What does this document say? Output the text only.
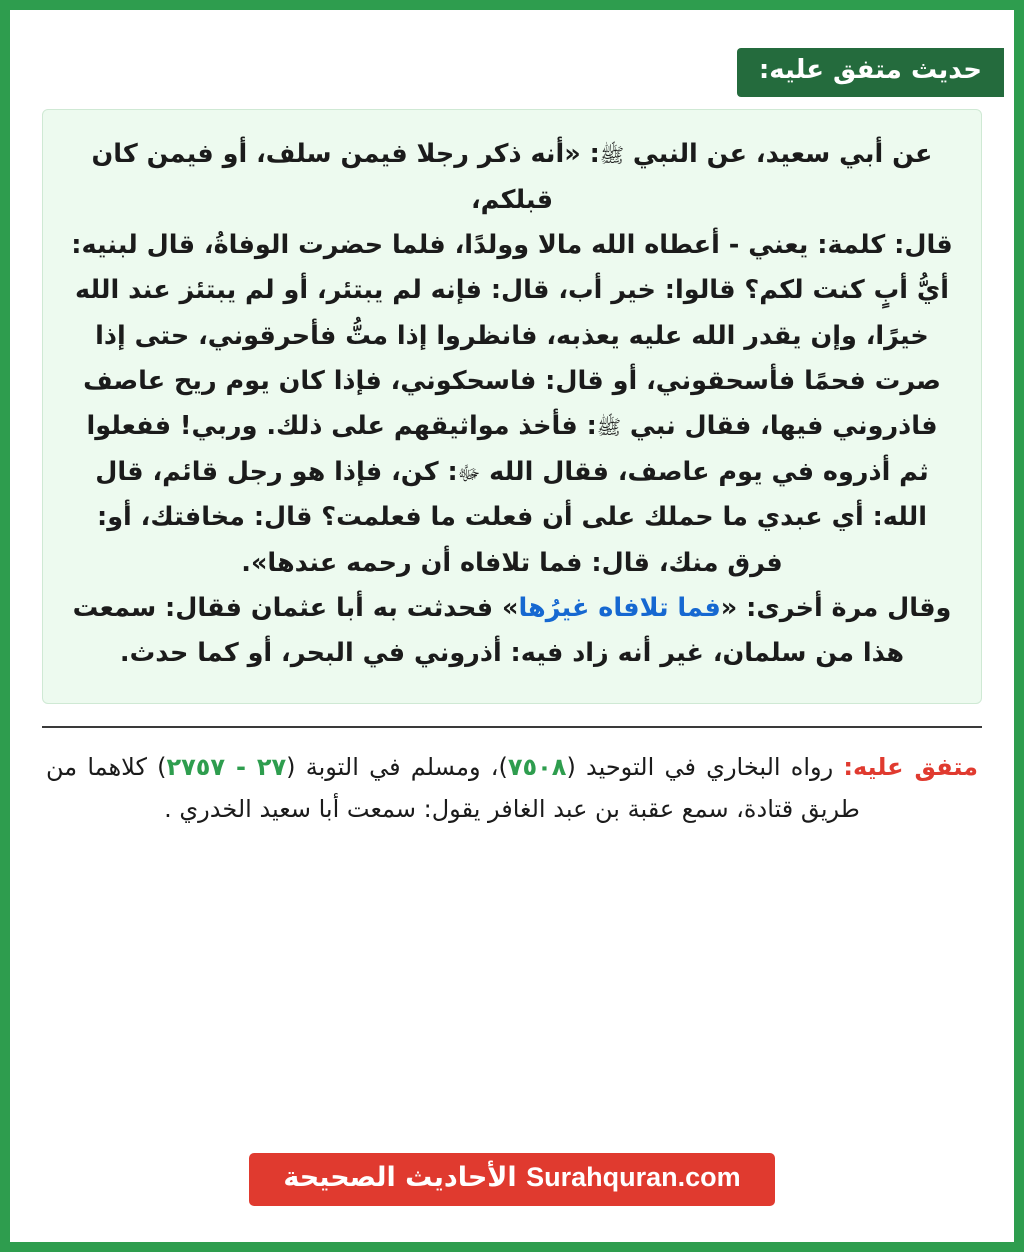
حديث متفق عليه:

عن أبي سعيد، عن النبي ﷺ: «أنه ذكر رجلا فيمن سلف، أو فيمن كان قبلكم،

قال: كلمة: يعني - أعطاه الله مالا وولدًا، فلما حضرت الوفاةُ، قال لبنيه: أيُّ أبٍ كنت لكم؟ قالوا: خير أب، قال: فإنه لم يبتئر، أو لم يبتئز عند الله خيرًا، وإن يقدر الله عليه يعذبه، فانظروا إذا متُّ فأحرقوني، حتى إذا صرت فحمًا فأسحقوني، أو قال: فاسحكوني، فإذا كان يوم ريح عاصف فاذروني فيها، فقال نبي ﷺ: فأخذ مواثيقهم على ذلك. وربي! ففعلوا ثم أذروه في يوم عاصف، فقال الله ﷻ: كن، فإذا هو رجل قائم، قال الله: أي عبدي ما حملك على أن فعلت ما فعلمت؟ قال: مخافتك، أو: فرق منك، قال: فما تلافاه أن رحمه عندها».

وقال مرة أخرى: «فما تلافاه غيرُها» فحدثت به أبا عثمان فقال: سمعت هذا من سلمان، غير أنه زاد فيه: أذروني في البحر، أو كما حدث.

متفق عليه: رواه البخاري في التوحيد (٧٥٠٨)، ومسلم في التوبة (٢٧ - ٢٧٥٧) كلاهما من طريق قتادة، سمع عقبة بن عبد الغافر يقول: سمعت أبا سعيد الخدري .
Surahquran.com الأحاديث الصحيحة
